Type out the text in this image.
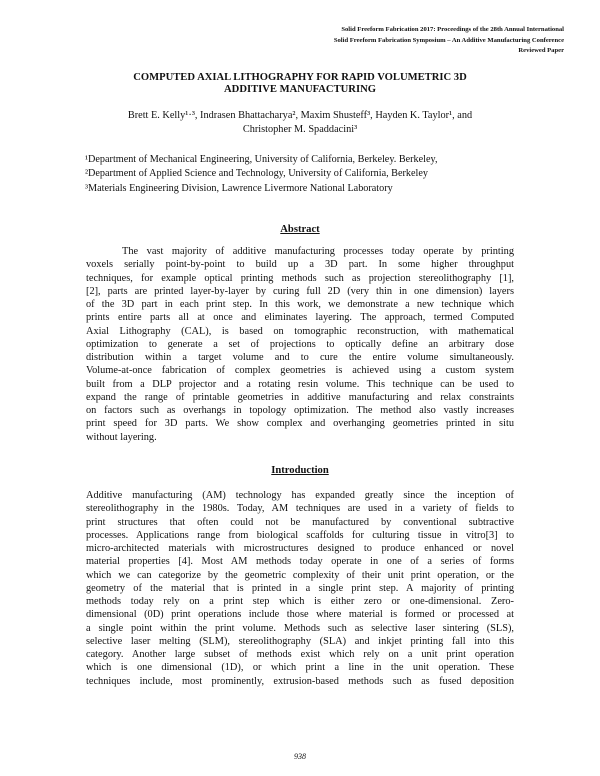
Solid Freeform Fabrication 2017: Proceedings of the 28th Annual International
Solid Freeform Fabrication Symposium – An Additive Manufacturing Conference
Reviewed Paper
COMPUTED AXIAL LITHOGRAPHY FOR RAPID VOLUMETRIC 3D
ADDITIVE MANUFACTURING
Brett E. Kelly¹·³, Indrasen Bhattacharya², Maxim Shusteff³, Hayden K. Taylor¹, and
Christopher M. Spaddacini³
¹Department of Mechanical Engineering, University of California, Berkeley. Berkeley,
²Department of Applied Science and Technology, University of California, Berkeley
³Materials Engineering Division, Lawrence Livermore National Laboratory
Abstract
The vast majority of additive manufacturing processes today operate by printing
voxels serially point-by-point to build up a 3D part. In some higher throughput
techniques, for example optical printing methods such as projection stereolithography [1],
[2], parts are printed layer-by-layer by curing full 2D (very thin in one dimension) layers
of the 3D part in each print step. In this work, we demonstrate a new technique which
prints entire parts all at once and eliminates layering. The approach, termed Computed
Axial Lithography (CAL), is based on tomographic reconstruction, with mathematical
optimization to generate a set of projections to optically define an arbitrary dose
distribution within a target volume and to cure the entire volume simultaneously.
Volume-at-once fabrication of complex geometries is achieved using a custom system
built from a DLP projector and a rotating resin volume. This technique can be used to
expand the range of printable geometries in additive manufacturing and relax constraints
on factors such as overhangs in topology optimization. The method also vastly increases
print speed for 3D parts. We show complex and overhanging geometries printed in situ
without layering.
Introduction
Additive manufacturing (AM) technology has expanded greatly since the inception of
stereolithography in the 1980s. Today, AM techniques are used in a variety of fields to
print structures that often could not be manufactured by conventional subtractive
processes. Applications range from biological scaffolds for culturing tissue in vitro[3] to
micro-architected materials with microstructures designed to produce enhanced or novel
material properties [4]. Most AM methods today operate in one of a series of forms
which we can categorize by the geometric complexity of their unit print operation, or the
geometry of the material that is printed in a single print step. A majority of printing
methods today rely on a print step which is either zero or one-dimensional. Zero-
dimensional (0D) print operations include those where material is formed or processed at
a single point within the print volume. Methods such as selective laser sintering (SLS),
selective laser melting (SLM), stereolithography (SLA) and inkjet printing fall into this
category. Another large subset of methods exist which rely on a unit print operation
which is one dimensional (1D), or which print a line in the unit operation. These
techniques include, most prominently, extrusion-based methods such as fused deposition
938
